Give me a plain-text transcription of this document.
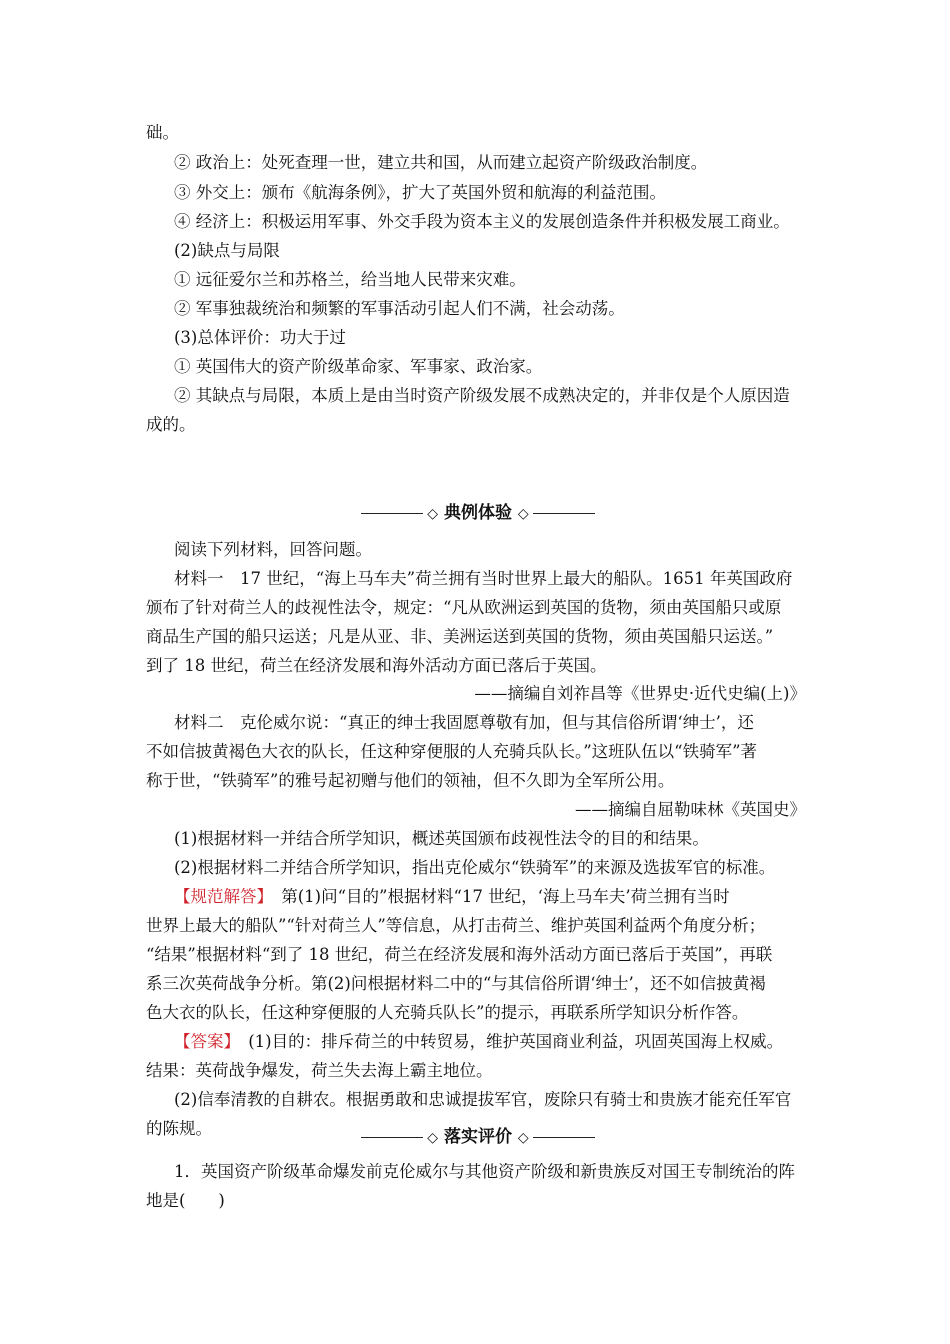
础。
② 政治上：处死查理一世，建立共和国，从而建立起资产阶级政治制度。
③ 外交上：颁布《航海条例》，扩大了英国外贸和航海的利益范围。
④ 经济上：积极运用军事、外交手段为资本主义的发展创造条件并积极发展工商业。
(2)缺点与局限
① 远征爱尔兰和苏格兰，给当地人民带来灾难。
② 军事独裁统治和频繁的军事活动引起人们不满，社会动荡。
(3)总体评价：功大于过
① 英国伟大的资产阶级革命家、军事家、政治家。
② 其缺点与局限，本质上是由当时资产阶级发展不成熟决定的，并非仅是个人原因造
成的。
◇ 典例体验 ◇
阅读下列材料，回答问题。
材料一　17 世纪，“海上马车夫”荷兰拥有当时世界上最大的船队。1651 年英国政府
颁布了针对荷兰人的歧视性法令，规定：“凡从欧洲运到英国的货物，须由英国船只或原
商品生产国的船只运送；凡是从亚、非、美洲运送到英国的货物，须由英国船只运送。”
到了 18 世纪，荷兰在经济发展和海外活动方面已落后于英国。
——摘编自刘祚昌等《世界史·近代史编(上)》
材料二　克伦威尔说：“真正的绅士我固愿尊敬有加，但与其信俗所谓‘绅士’，还
不如信披黄褐色大衣的队长，任这种穿便服的人充骑兵队长。”这班队伍以“铁骑军”著
称于世，“铁骑军”的雅号起初赠与他们的领袖，但不久即为全军所公用。
——摘编自屈勒味林《英国史》
(1)根据材料一并结合所学知识，概述英国颁布歧视性法令的目的和结果。
(2)根据材料二并结合所学知识，指出克伦威尔“铁骑军”的来源及选拔军官的标准。
【规范解答】　第(1)问“目的”根据材料“17 世纪，‘海上马车夫’荷兰拥有当时
世界上最大的船队”“针对荷兰人”等信息，从打击荷兰、维护英国利益两个角度分析；
“结果”根据材料“到了 18 世纪，荷兰在经济发展和海外活动方面已落后于英国”，再联
系三次英荷战争分析。第(2)问根据材料二中的“与其信俗所谓‘绅士’，还不如信披黄褐
色大衣的队长，任这种穿便服的人充骑兵队长”的提示，再联系所学知识分析作答。
【答案】　(1)目的：排斥荷兰的中转贸易，维护英国商业利益，巩固英国海上权威。
结果：英荷战争爆发，荷兰失去海上霸主地位。
(2)信奉清教的自耕农。根据勇敢和忠诚提拔军官，废除只有骑士和贵族才能充任军官
的陈规。	◇ 落实评价 ◇
1．英国资产阶级革命爆发前克伦威尔与其他资产阶级和新贵族反对国王专制统治的阵
地是(　　)
